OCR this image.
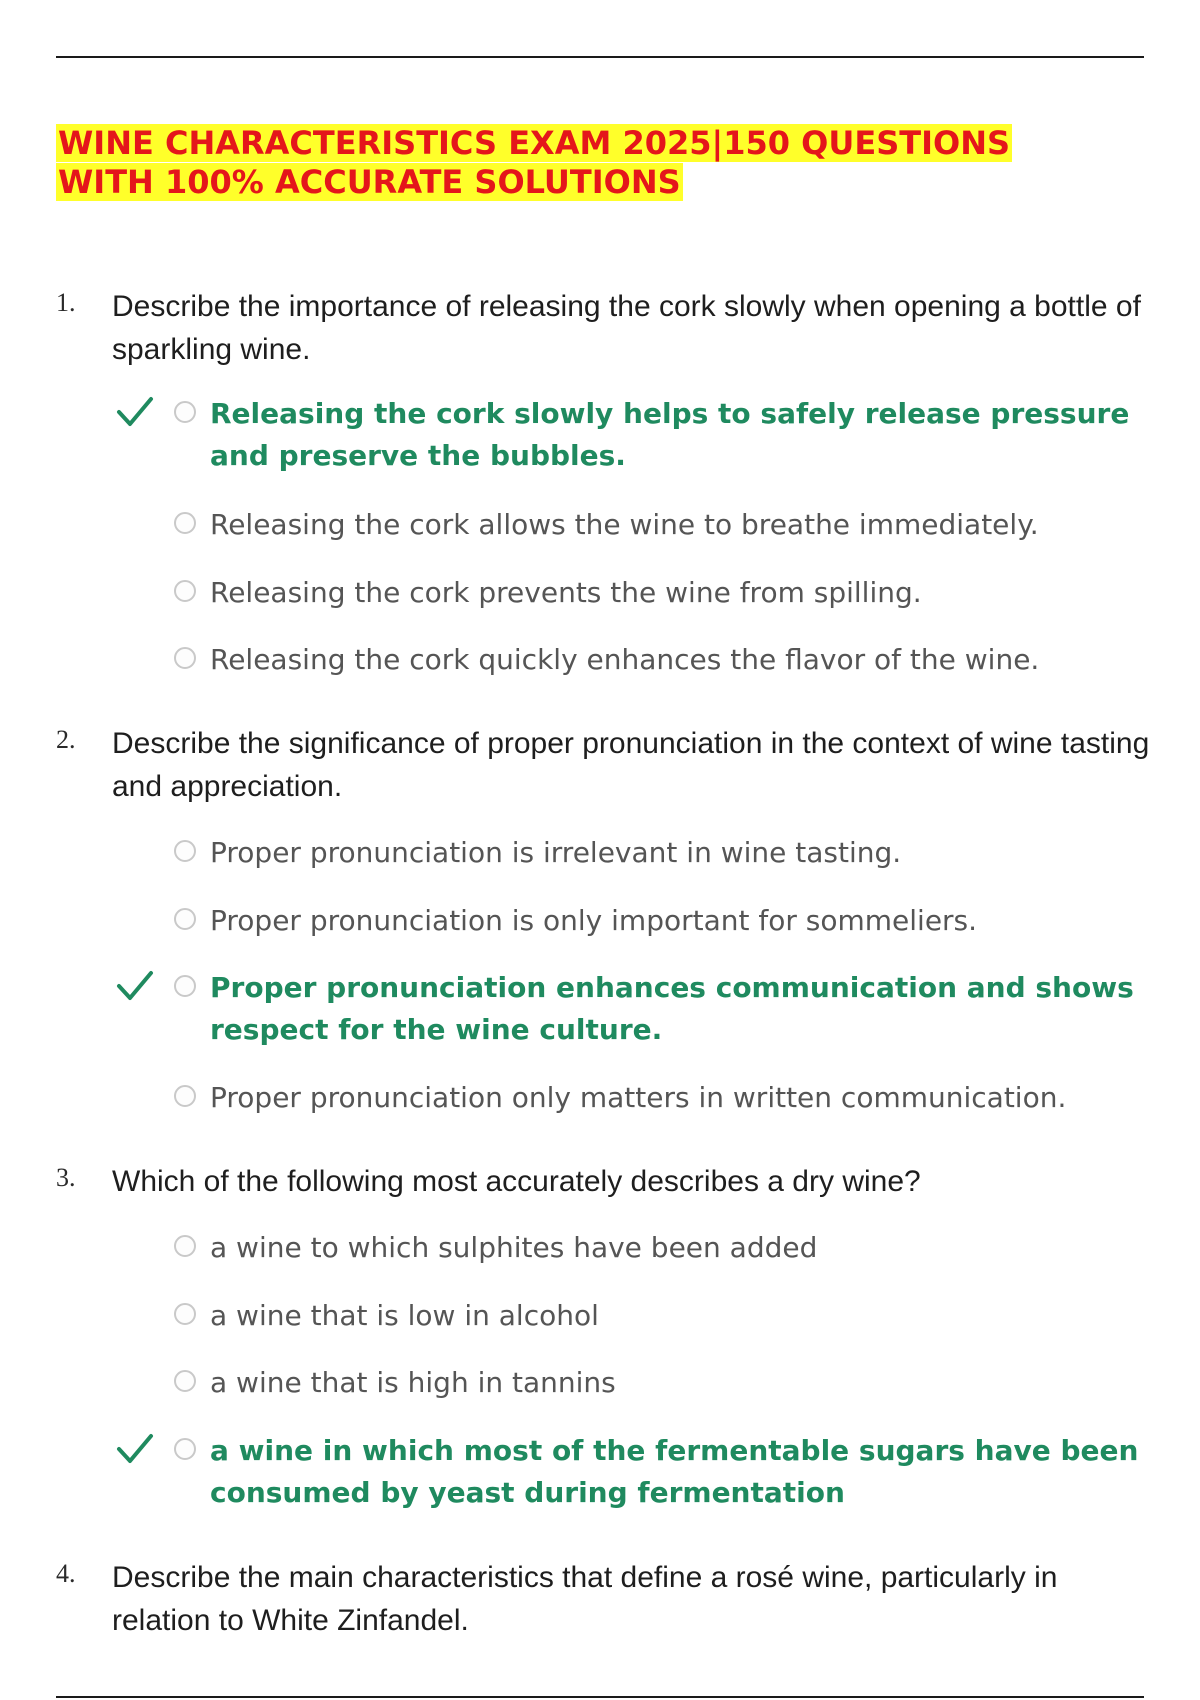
WINE CHARACTERISTICS EXAM 2025|150 QUESTIONS
WITH 100% ACCURATE SOLUTIONS
1. Describe the importance of releasing the cork slowly when opening a bottle of sparkling wine.
Releasing the cork slowly helps to safely release pressure and preserve the bubbles.
Releasing the cork allows the wine to breathe immediately.
Releasing the cork prevents the wine from spilling.
Releasing the cork quickly enhances the flavor of the wine.
2. Describe the significance of proper pronunciation in the context of wine tasting and appreciation.
Proper pronunciation is irrelevant in wine tasting.
Proper pronunciation is only important for sommeliers.
Proper pronunciation enhances communication and shows respect for the wine culture.
Proper pronunciation only matters in written communication.
3. Which of the following most accurately describes a dry wine?
a wine to which sulphites have been added
a wine that is low in alcohol
a wine that is high in tannins
a wine in which most of the fermentable sugars have been consumed by yeast during fermentation
4. Describe the main characteristics that define a rosé wine, particularly in relation to White Zinfandel.
